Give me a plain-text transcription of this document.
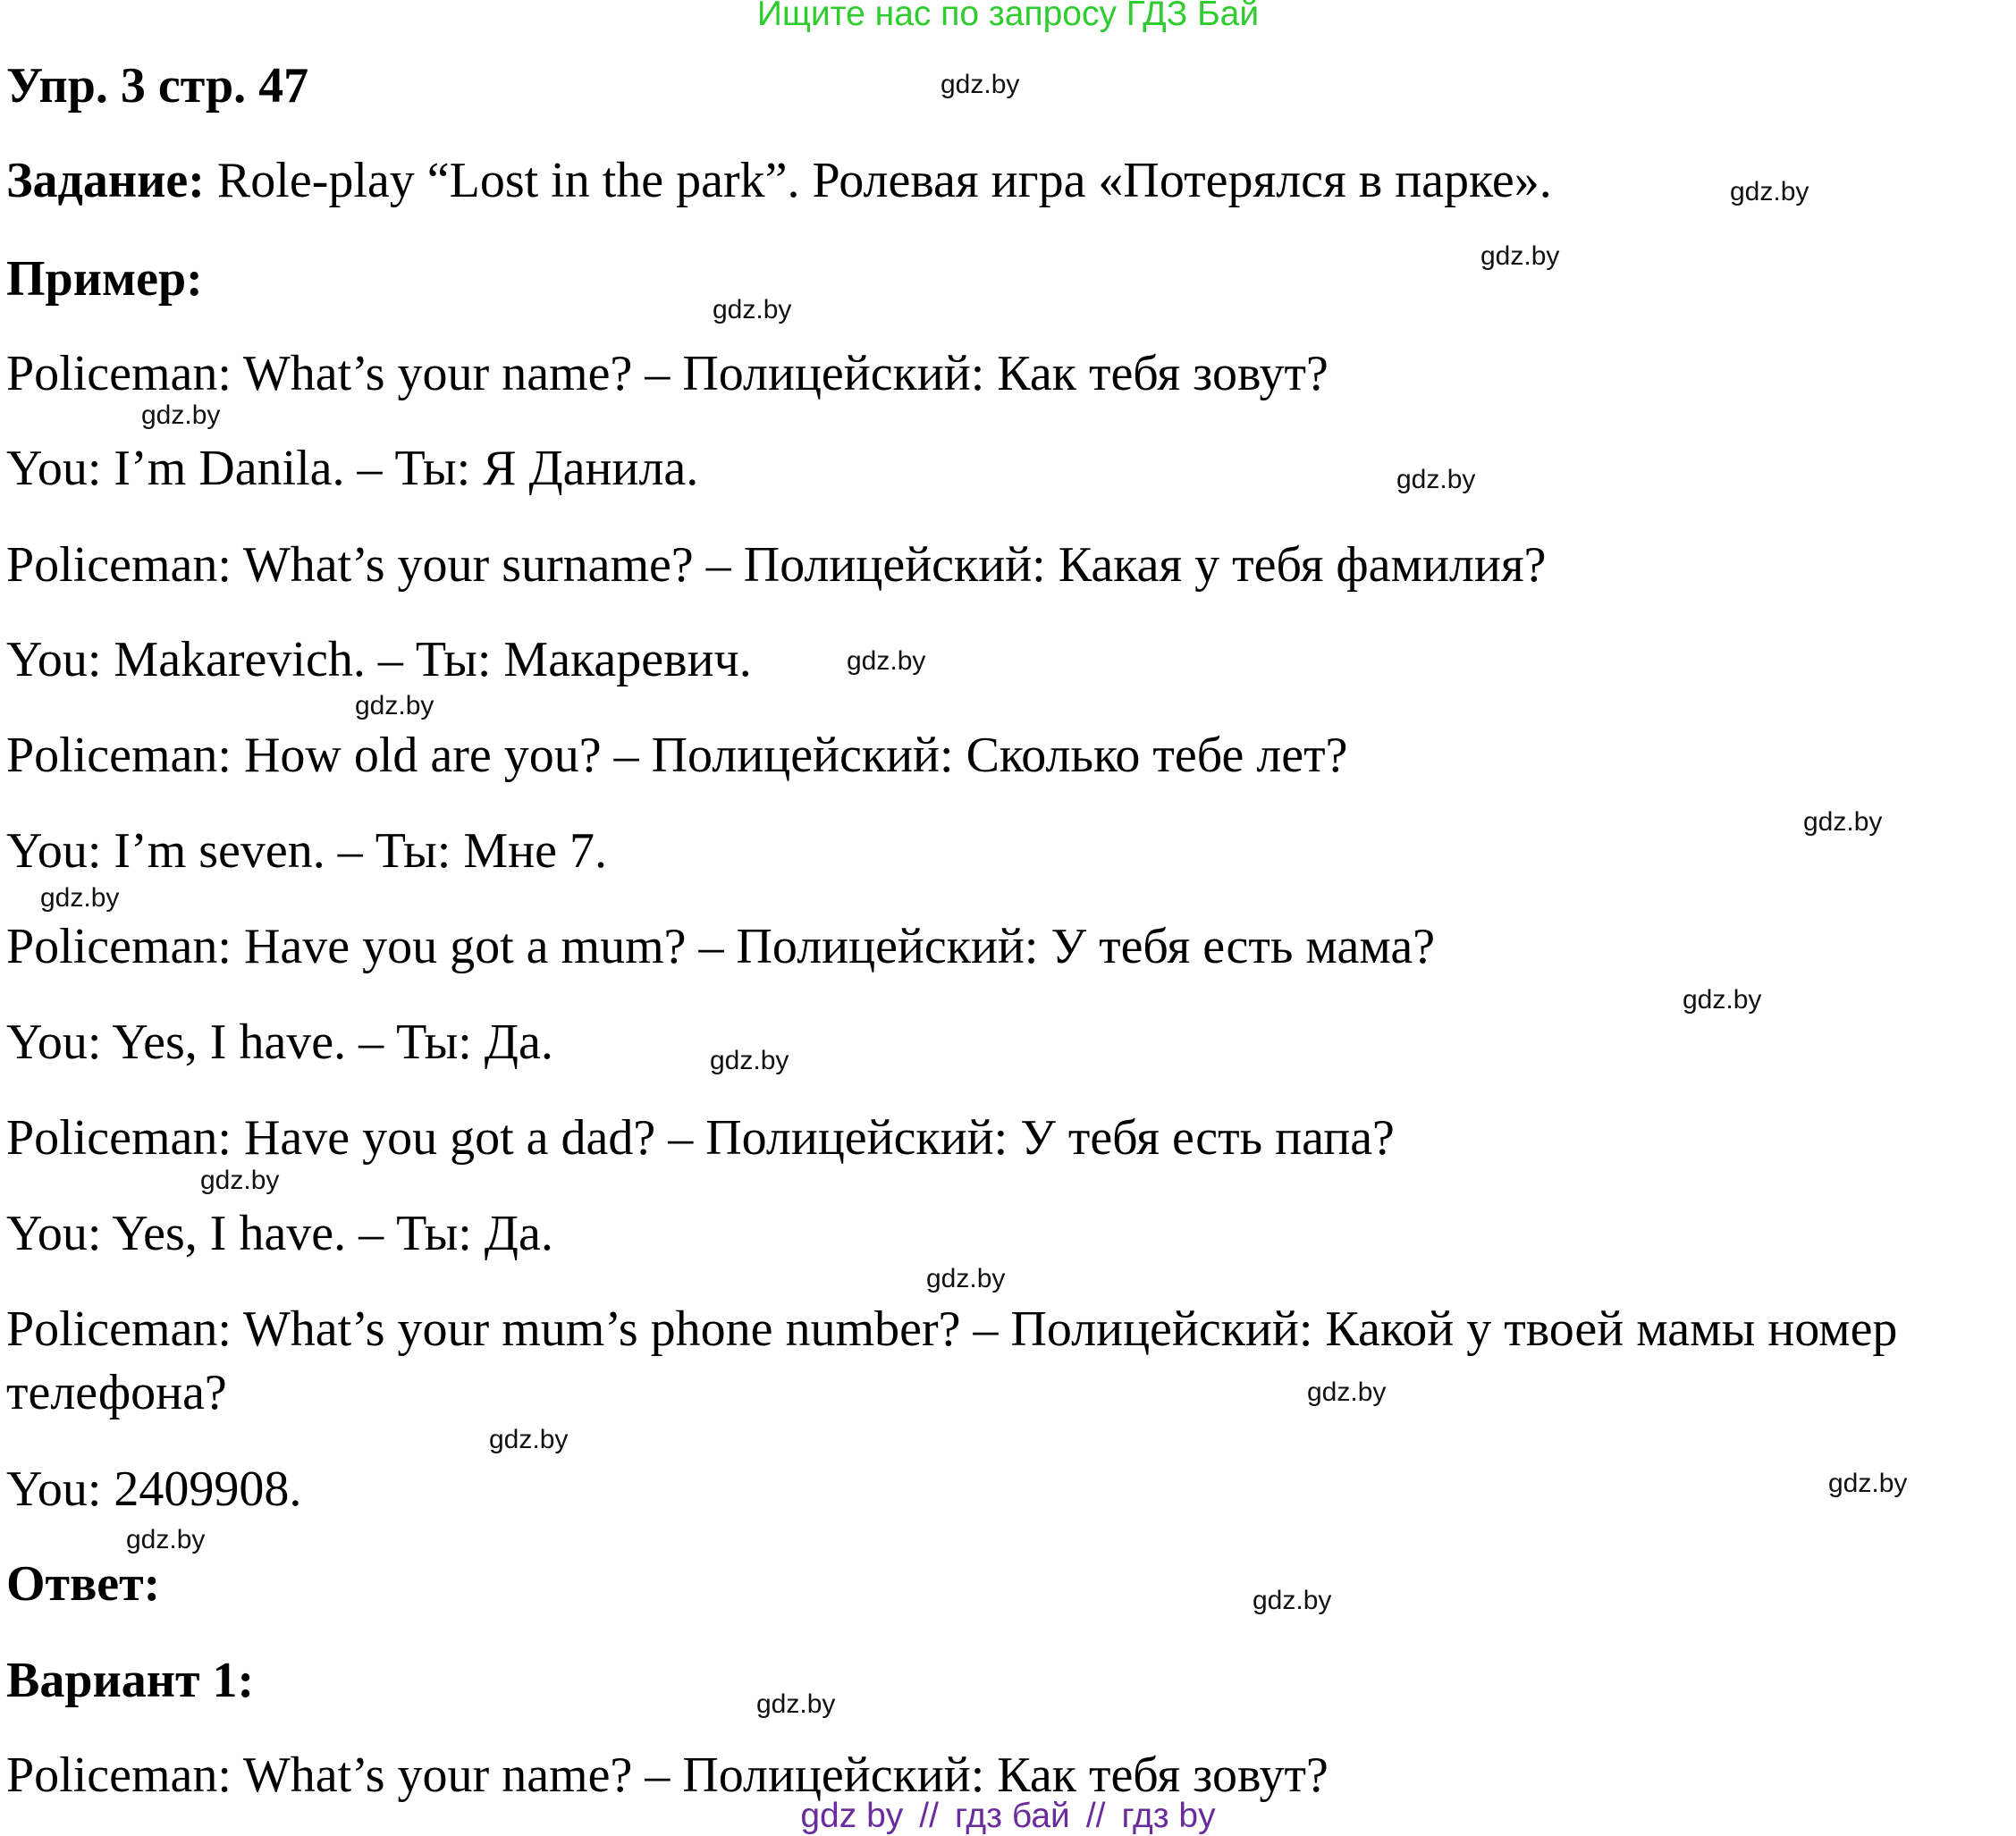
Ищите нас по запросу ГДЗ Бай

Упр. 3 стр. 47

Задание: Role-play “Lost in the park”. Ролевая игра «Потерялся в парке».

Пример:

Policeman: What’s your name? – Полицейский: Как тебя зовут?

You: I’m Danila. – Ты: Я Данила.

Policeman: What’s your surname? – Полицейский: Какая у тебя фамилия?

You: Makarevich. – Ты: Макаревич.

Policeman: How old are you? – Полицейский: Сколько тебе лет?

You: I’m seven. – Ты: Мне 7.

Policeman: Have you got a mum? – Полицейский: У тебя есть мама?

You: Yes, I have. – Ты: Да.

Policeman: Have you got a dad? – Полицейский: У тебя есть папа?

You: Yes, I have. – Ты: Да.

Policeman: What’s your mum’s phone number? – Полицейский: Какой у твоей мамы номер

телефона?

You: 2409908.

Ответ:

Вариант 1:

Policeman: What’s your name? – Полицейский: Как тебя зовут?

gdz.by
gdz.by
gdz.by
gdz.by
gdz.by
gdz.by
gdz.by
gdz.by
gdz.by
gdz.by
gdz.by
gdz.by
gdz.by
gdz.by
gdz.by
gdz.by
gdz.by
gdz.by
gdz.by
gdz.by

gdz by // гдз бай // гдз by
